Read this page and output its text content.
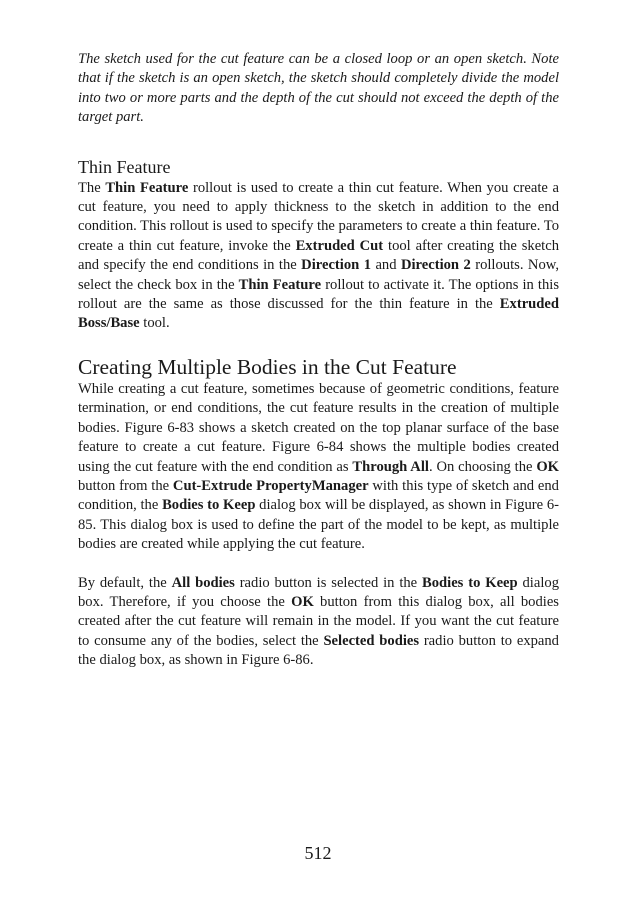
The sketch used for the cut feature can be a closed loop or an open sketch. Note that if the sketch is an open sketch, the sketch should completely divide the model into two or more parts and the depth of the cut should not exceed the depth of the target part.

Thin Feature

The Thin Feature rollout is used to create a thin cut feature. When you create a cut feature, you need to apply thickness to the sketch in addition to the end condition. This rollout is used to specify the parameters to create a thin feature. To create a thin cut feature, invoke the Extruded Cut tool after creating the sketch and specify the end conditions in the Direction 1 and Direction 2 rollouts. Now, select the check box in the Thin Feature rollout to activate it. The options in this rollout are the same as those discussed for the thin feature in the Extruded Boss/Base tool.

Creating Multiple Bodies in the Cut Feature

While creating a cut feature, sometimes because of geometric conditions, feature termination, or end conditions, the cut feature results in the creation of multiple bodies. Figure 6-83 shows a sketch created on the top planar surface of the base feature to create a cut feature. Figure 6-84 shows the multiple bodies created using the cut feature with the end condition as Through All. On choosing the OK button from the Cut-Extrude PropertyManager with this type of sketch and end condition, the Bodies to Keep dialog box will be displayed, as shown in Figure 6-85. This dialog box is used to define the part of the model to be kept, as multiple bodies are created while applying the cut feature.

By default, the All bodies radio button is selected in the Bodies to Keep dialog box. Therefore, if you choose the OK button from this dialog box, all bodies created after the cut feature will remain in the model. If you want the cut feature to consume any of the bodies, select the Selected bodies radio button to expand the dialog box, as shown in Figure 6-86.

512
